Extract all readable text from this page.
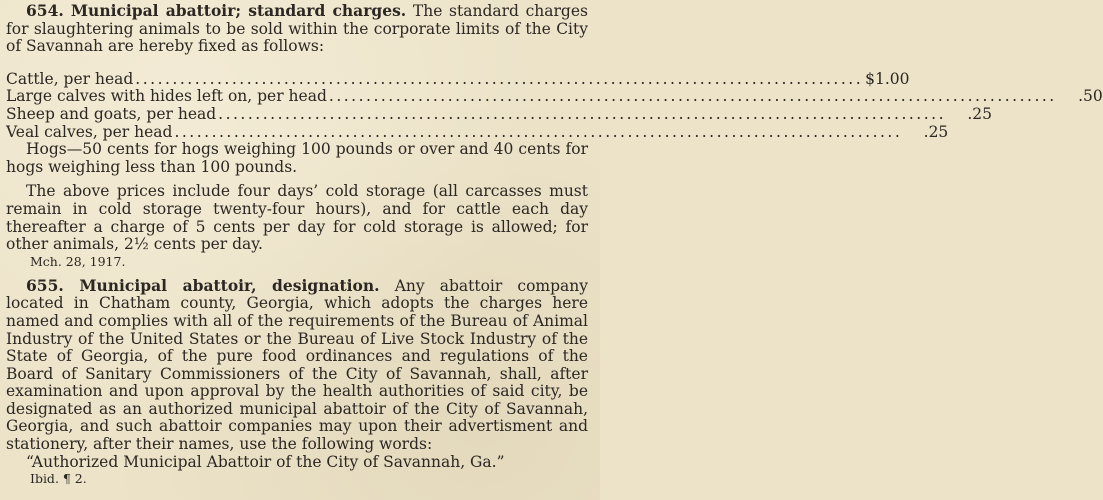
654. Municipal abattoir; standard charges. The standard charges for slaughtering animals to be sold within the corporate limits of the City of Savannah are hereby fixed as follows:

Cattle, per head .................................................................................................. $1.00
Large calves with hides left on, per head ..................................................................................................	.50
Sheep and goats, per head ..................................................................................................	.25
Veal calves, per head ..................................................................................................	.25

Hogs—50 cents for hogs weighing 100 pounds or over and 40 cents for hogs weighing less than 100 pounds.

The above prices include four days’ cold storage (all carcasses must remain in cold storage twenty-four hours), and for cattle each day thereafter a charge of 5 cents per day for cold storage is allowed; for other animals, 2½ cents per day.

Mch. 28, 1917.

655. Municipal abattoir, designation. Any abattoir company located in Chatham county, Georgia, which adopts the charges here named and complies with all of the requirements of the Bureau of Animal Industry of the United States or the Bureau of Live Stock Industry of the State of Georgia, of the pure food ordinances and regulations of the Board of Sanitary Commissioners of the City of Savannah, shall, after examination and upon approval by the health authorities of said city, be designated as an authorized municipal abattoir of the City of Savannah, Georgia, and such abattoir companies may upon their advertisment and stationery, after their names, use the following words:

“Authorized Municipal Abattoir of the City of Savannah, Ga.”

Ibid. ¶ 2.
